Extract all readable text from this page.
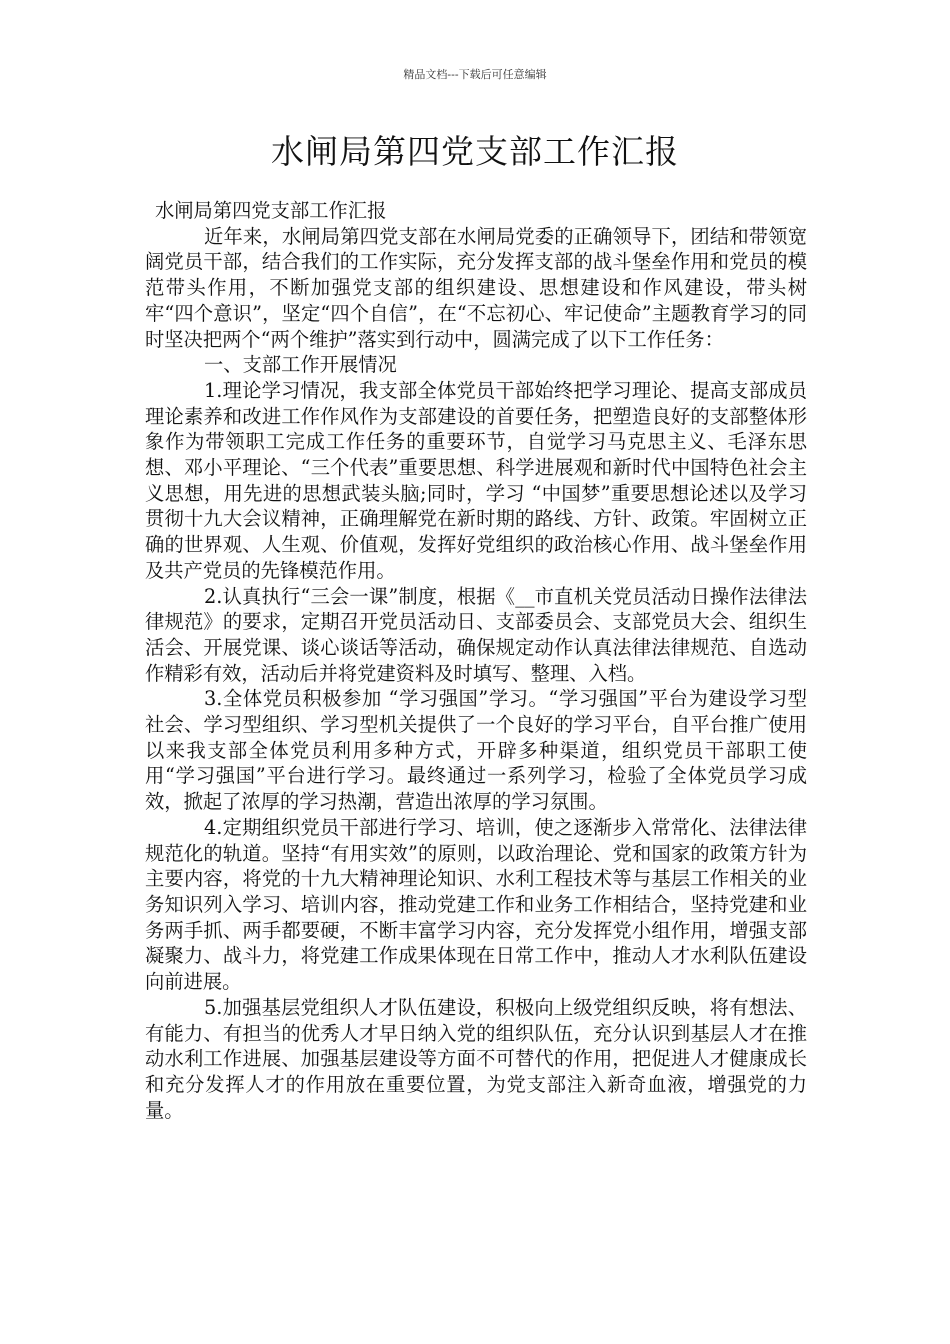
精品文档---下载后可任意编辑
水闸局第四党支部工作汇报

水闸局第四党支部工作汇报

近年来，水闸局第四党支部在水闸局党委的正确领导下，团结和带领宽阔党员干部，结合我们的工作实际，充分发挥支部的战斗堡垒作用和党员的模范带头作用，不断加强党支部的组织建设、思想建设和作风建设，带头树牢“四个意识”，坚定“四个自信”，在“不忘初心、牢记使命”主题教育学习的同时坚决把两个“两个维护”落实到行动中，圆满完成了以下工作任务：

一、支部工作开展情况

1.理论学习情况，我支部全体党员干部始终把学习理论、提高支部成员理论素养和改进工作作风作为支部建设的首要任务，把塑造良好的支部整体形象作为带领职工完成工作任务的重要环节，自觉学习马克思主义、毛泽东思想、邓小平理论、“三个代表”重要思想、科学进展观和新时代中国特色社会主义思想，用先进的思想武装头脑;同时，学习 “中国梦”重要思想论述以及学习贯彻十九大会议精神，正确理解党在新时期的路线、方针、政策。牢固树立正确的世界观、人生观、价值观，发挥好党组织的政治核心作用、战斗堡垒作用及共产党员的先锋模范作用。

2.认真执行“三会一课”制度，根据《__市直机关党员活动日操作法律法律规范》的要求，定期召开党员活动日、支部委员会、支部党员大会、组织生活会、开展党课、谈心谈话等活动，确保规定动作认真法律法律规范、自选动作精彩有效，活动后并将党建资料及时填写、整理、入档。

3.全体党员积极参加 “学习强国”学习。“学习强国”平台为建设学习型社会、学习型组织、学习型机关提供了一个良好的学习平台，自平台推广使用以来我支部全体党员利用多种方式，开辟多种渠道，组织党员干部职工使用“学习强国”平台进行学习。最终通过一系列学习，检验了全体党员学习成效，掀起了浓厚的学习热潮，营造出浓厚的学习氛围。

4.定期组织党员干部进行学习、培训，使之逐渐步入常常化、法律法律规范化的轨道。坚持“有用实效”的原则，以政治理论、党和国家的政策方针为主要内容，将党的十九大精神理论知识、水利工程技术等与基层工作相关的业务知识列入学习、培训内容，推动党建工作和业务工作相结合，坚持党建和业务两手抓、两手都要硬，不断丰富学习内容，充分发挥党小组作用，增强支部凝聚力、战斗力，将党建工作成果体现在日常工作中，推动人才水利队伍建设向前进展。

5.加强基层党组织人才队伍建设，积极向上级党组织反映，将有想法、有能力、有担当的优秀人才早日纳入党的组织队伍，充分认识到基层人才在推动水利工作进展、加强基层建设等方面不可替代的作用，把促进人才健康成长和充分发挥人才的作用放在重要位置，为党支部注入新奇血液，增强党的力量。
